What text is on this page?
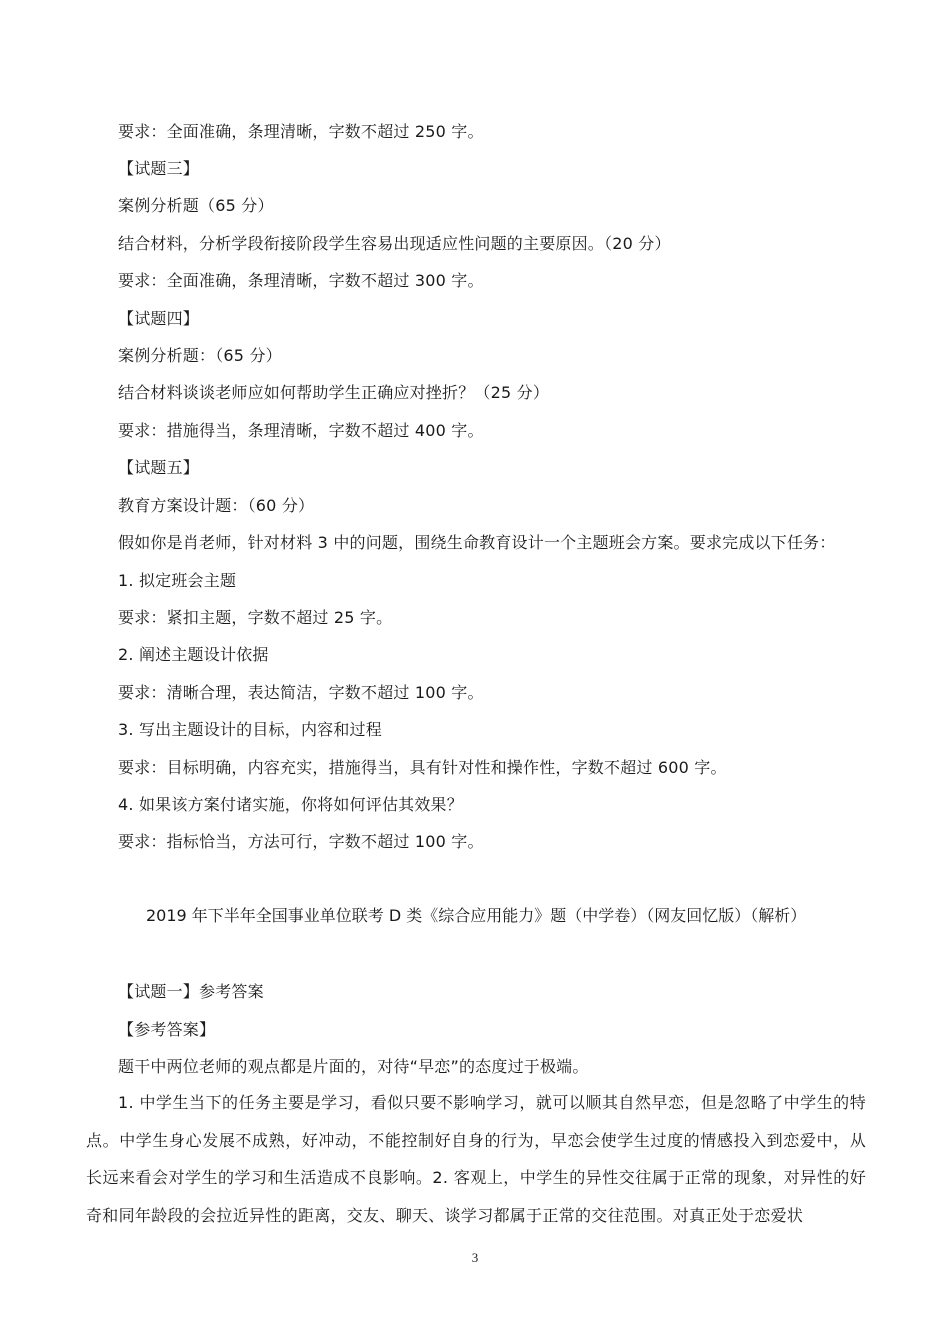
要求：全面准确，条理清晰，字数不超过 250 字。
【试题三】
案例分析题（65 分）
结合材料，分析学段衔接阶段学生容易出现适应性问题的主要原因。（20 分）
要求：全面准确，条理清晰，字数不超过 300 字。
【试题四】
案例分析题：（65 分）
结合材料谈谈老师应如何帮助学生正确应对挫折？（25 分）
要求：措施得当，条理清晰，字数不超过 400 字。
【试题五】
教育方案设计题：（60 分）
假如你是肖老师，针对材料 3 中的问题，围绕生命教育设计一个主题班会方案。要求完成以下任务：
1. 拟定班会主题
要求：紧扣主题，字数不超过 25 字。
2. 阐述主题设计依据
要求：清晰合理，表达简洁，字数不超过 100 字。
3. 写出主题设计的目标，内容和过程
要求：目标明确，内容充实，措施得当，具有针对性和操作性，字数不超过 600 字。
4. 如果该方案付诸实施，你将如何评估其效果？
要求：指标恰当，方法可行，字数不超过 100 字。
2019 年下半年全国事业单位联考 D 类《综合应用能力》题（中学卷）（网友回忆版）（解析）
【试题一】参考答案
【参考答案】
题干中两位老师的观点都是片面的，对待“早恋”的态度过于极端。
1. 中学生当下的任务主要是学习，看似只要不影响学习，就可以顺其自然早恋，但是忽略了中学生的特点。中学生身心发展不成熟，好冲动，不能控制好自身的行为，早恋会使学生过度的情感投入到恋爱中，从长远来看会对学生的学习和生活造成不良影响。2. 客观上，中学生的异性交往属于正常的现象，对异性的好奇和同年龄段的会拉近异性的距离，交友、聊天、谈学习都属于正常的交往范围。对真正处于恋爱状
3
